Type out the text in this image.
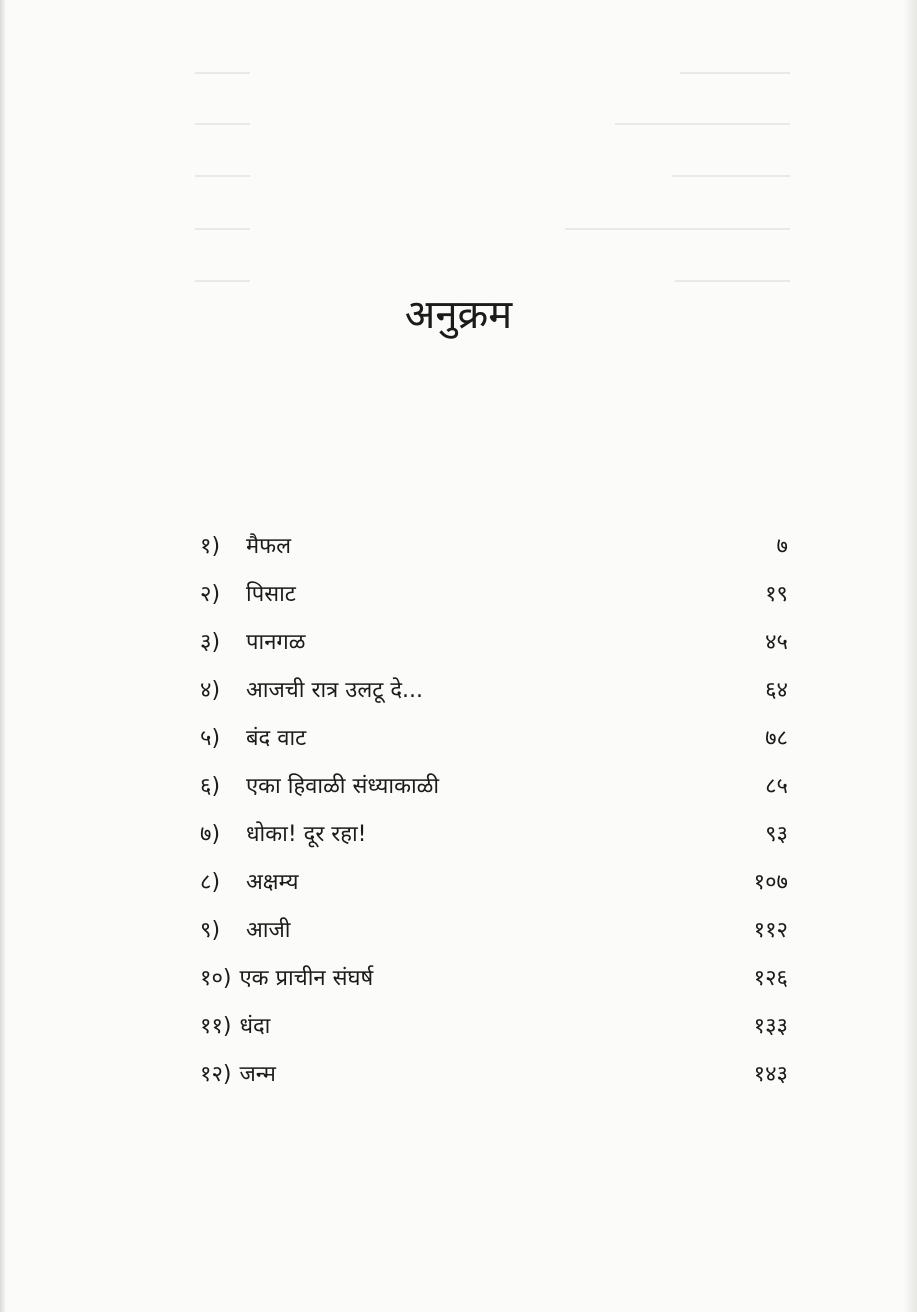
अनुक्रम
१) मैफल	७
२) पिसाट	१९
३) पानगळ	४५
४) आजची रात्र उलटू दे...	६४
५) बंद वाट	७८
६) एका हिवाळी संध्याकाळी	८५
७) धोका! दूर रहा!	९३
८) अक्षम्य	१०७
९) आजी	११२
१०) एक प्राचीन संघर्ष	१२६
११) धंदा	१३३
१२) जन्म	१४३
